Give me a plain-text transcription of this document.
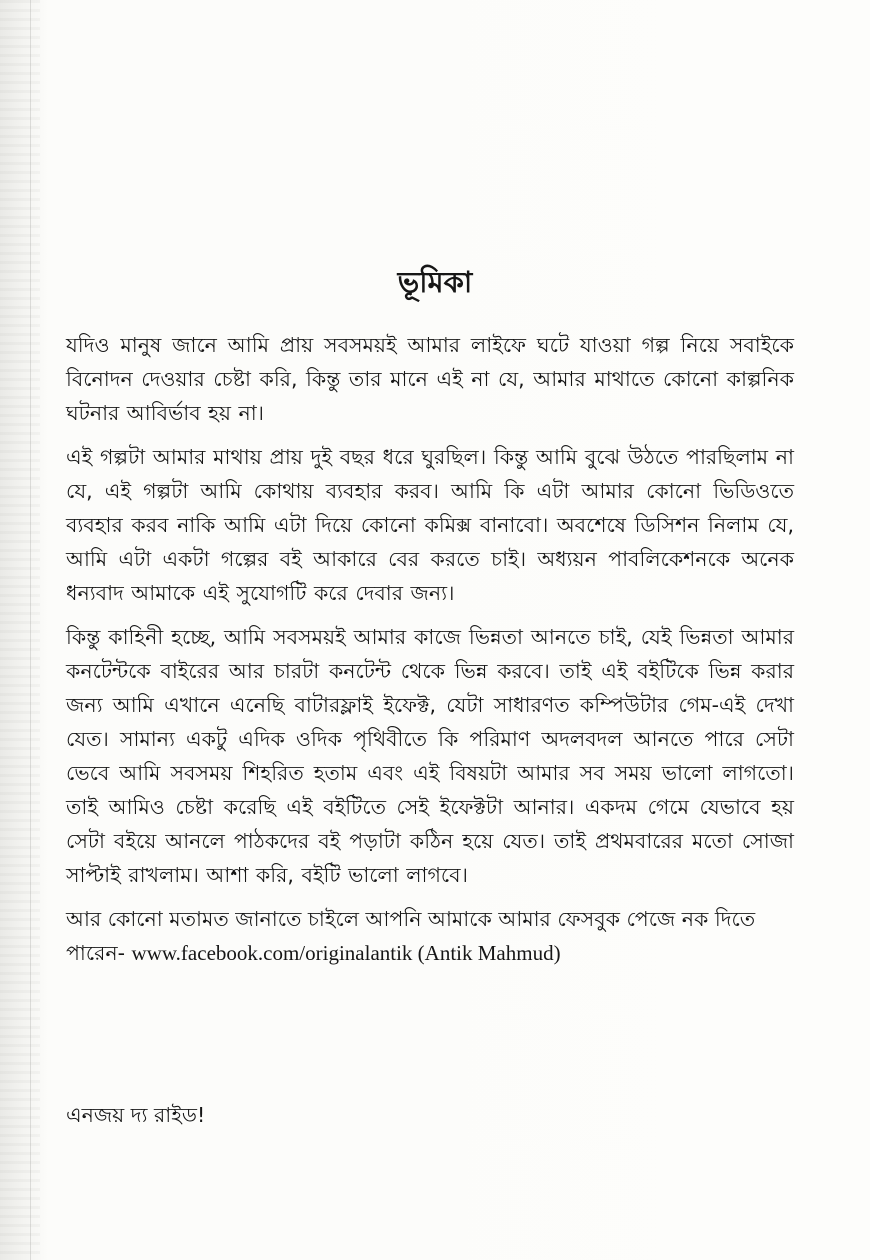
ভূমিকা

যদিও মানুষ জানে আমি প্রায় সবসময়ই আমার লাইফে ঘটে যাওয়া গল্প নিয়ে সবাইকে বিনোদন দেওয়ার চেষ্টা করি, কিন্তু তার মানে এই না যে, আমার মাথাতে কোনো কাল্পনিক ঘটনার আবির্ভাব হয় না।

এই গল্পটা আমার মাথায় প্রায় দুই বছর ধরে ঘুরছিল। কিন্তু আমি বুঝে উঠতে পারছিলাম না যে, এই গল্পটা আমি কোথায় ব্যবহার করব। আমি কি এটা আমার কোনো ভিডিওতে ব্যবহার করব নাকি আমি এটা দিয়ে কোনো কমিক্স বানাবো। অবশেষে ডিসিশন নিলাম যে, আমি এটা একটা গল্পের বই আকারে বের করতে চাই। অধ্যয়ন পাবলিকেশনকে অনেক ধন্যবাদ আমাকে এই সুযোগটি করে দেবার জন্য।

কিন্তু কাহিনী হচ্ছে, আমি সবসময়ই আমার কাজে ভিন্নতা আনতে চাই, যেই ভিন্নতা আমার কনটেন্টকে বাইরের আর চারটা কনটেন্ট থেকে ভিন্ন করবে। তাই এই বইটিকে ভিন্ন করার জন্য আমি এখানে এনেছি বাটারফ্লাই ইফেক্ট, যেটা সাধারণত কম্পিউটার গেম-এই দেখা যেত। সামান্য একটু এদিক ওদিক পৃথিবীতে কি পরিমাণ অদলবদল আনতে পারে সেটা ভেবে আমি সবসময় শিহরিত হতাম এবং এই বিষয়টা আমার সব সময় ভালো লাগতো। তাই আমিও চেষ্টা করেছি এই বইটিতে সেই ইফেক্টটা আনার। একদম গেমে যেভাবে হয় সেটা বইয়ে আনলে পাঠকদের বই পড়াটা কঠিন হয়ে যেত। তাই প্রথমবারের মতো সোজা সাপ্টাই রাখলাম। আশা করি, বইটি ভালো লাগবে।

আর কোনো মতামত জানাতে চাইলে আপনি আমাকে আমার ফেসবুক পেজে নক দিতে পারেন- www.facebook.com/originalantik (Antik Mahmud)

এনজয় দ্য রাইড!
